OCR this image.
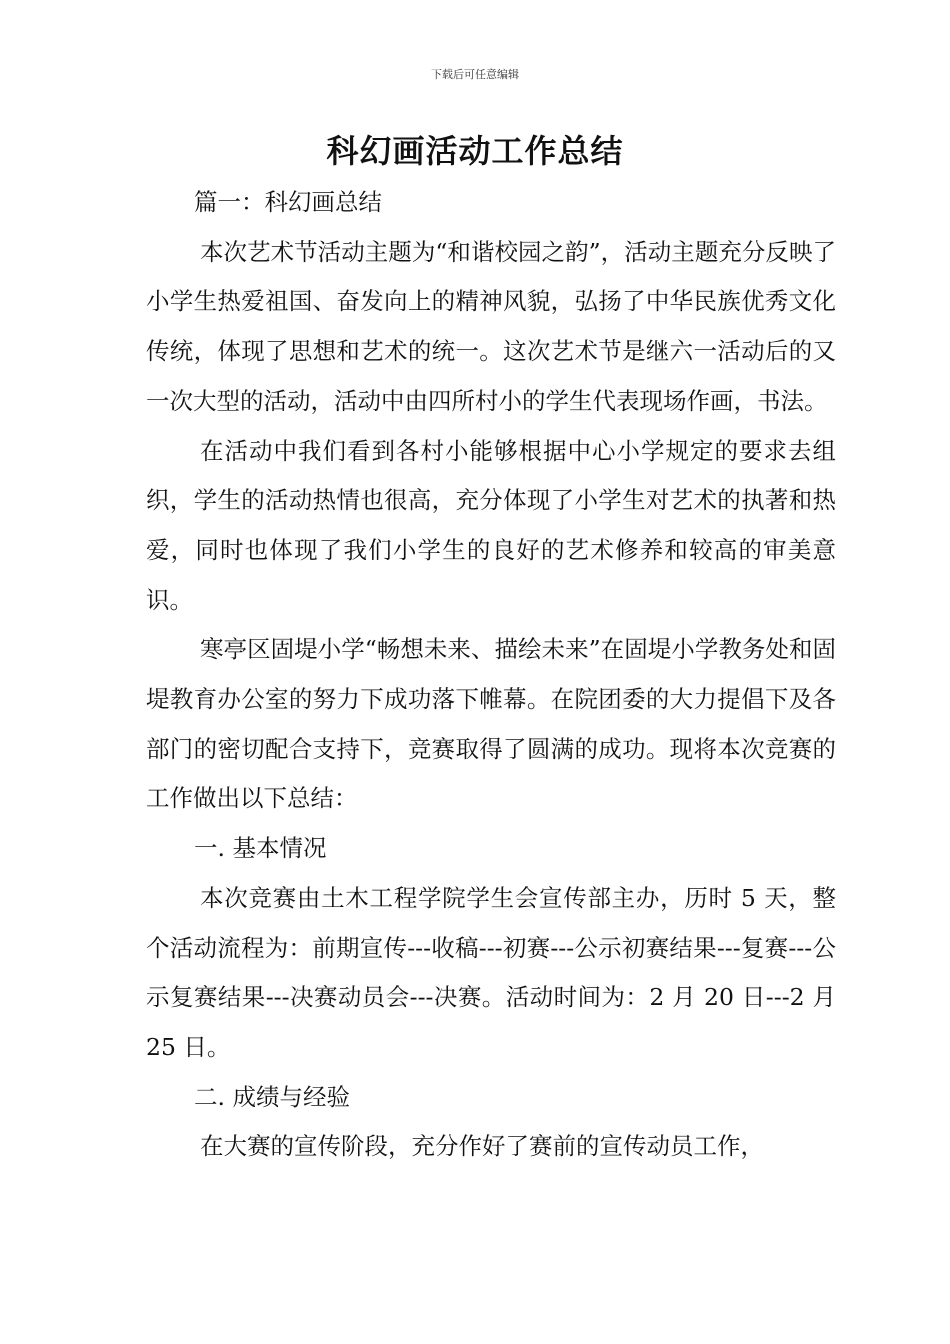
下载后可任意编辑
科幻画活动工作总结

篇一：科幻画总结

本次艺术节活动主题为“和谐校园之韵”，活动主题充分反映了小学生热爱祖国、奋发向上的精神风貌，弘扬了中华民族优秀文化传统，体现了思想和艺术的统一。这次艺术节是继六一活动后的又一次大型的活动，活动中由四所村小的学生代表现场作画，书法。

在活动中我们看到各村小能够根据中心小学规定的要求去组织，学生的活动热情也很高，充分体现了小学生对艺术的执著和热爱，同时也体现了我们小学生的良好的艺术修养和较高的审美意识。

寒亭区固堤小学“畅想未来、描绘未来”在固堤小学教务处和固堤教育办公室的努力下成功落下帷幕。在院团委的大力提倡下及各部门的密切配合支持下，竞赛取得了圆满的成功。现将本次竞赛的工作做出以下总结：

一. 基本情况

本次竞赛由土木工程学院学生会宣传部主办，历时 5 天，整个活动流程为：前期宣传---收稿---初赛---公示初赛结果---复赛---公示复赛结果---决赛动员会---决赛。活动时间为：2 月 20 日---2 月 25 日。

二. 成绩与经验

在大赛的宣传阶段，充分作好了赛前的宣传动员工作，
